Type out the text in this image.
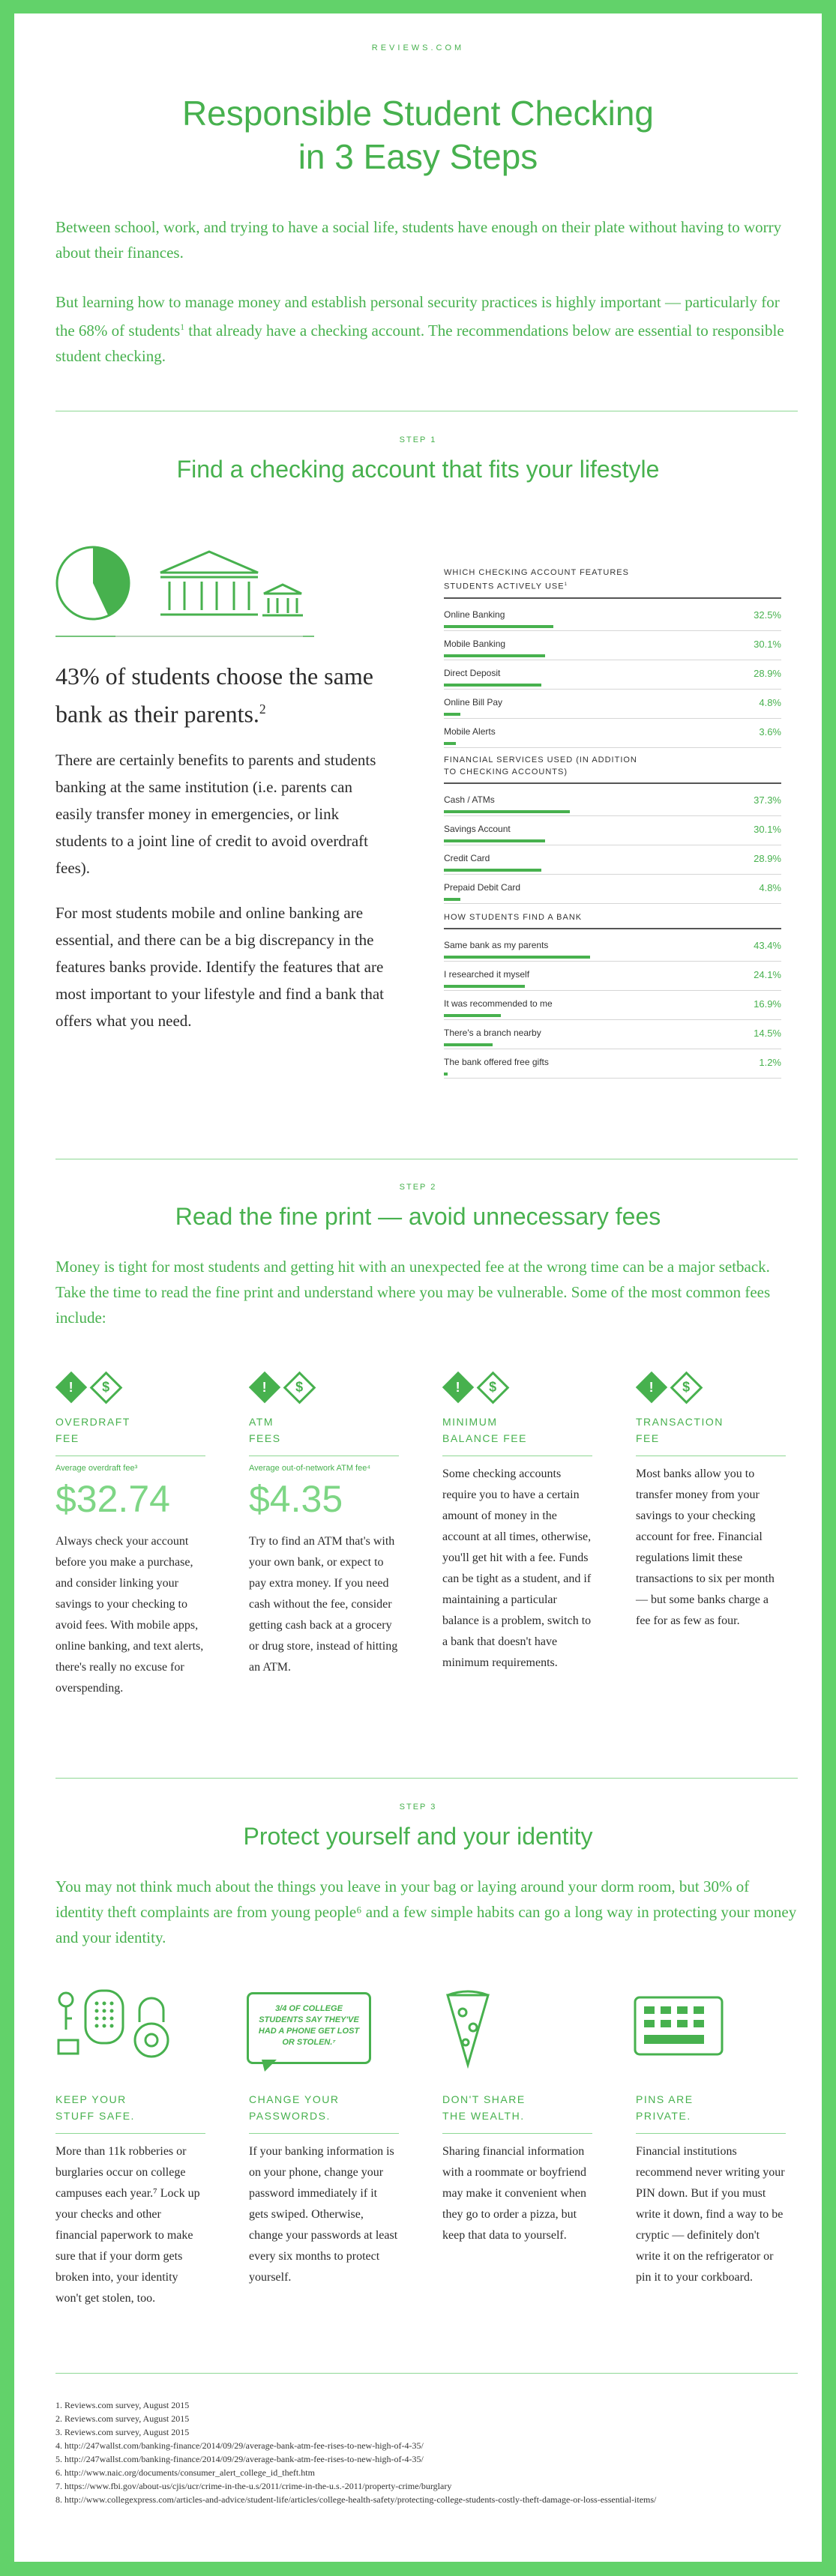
REVIEWS.COM
Responsible Student Checking
in 3 Easy Steps
Between school, work, and trying to have a social life, students have enough on their plate without having to worry about their finances.
But learning how to manage money and establish personal security practices is highly important — particularly for the 68% of students$^1$ that already have a checking account. The recommendations below are essential to responsible student checking.
STEP 1
Find a checking account that fits your lifestyle
43% of students choose the same bank as their parents.$^2$
There are certainly benefits to parents and students banking at the same institution (i.e. parents can easily transfer money in emergencies, or link students to a joint line of credit to avoid overdraft fees).
For most students mobile and online banking are essential, and there can be a big discrepancy in the features banks provide. Identify the features that are most important to your lifestyle and find a bank that offers what you need.
WHICH CHECKING ACCOUNT FEATURES STUDENTS ACTIVELY USE$^1$
Online Banking	32.5%
Mobile Banking	30.1%
Direct Deposit	28.9%
Online Bill Pay	4.8%
Mobile Alerts	3.6%
FINANCIAL SERVICES USED (IN ADDITION TO CHECKING ACCOUNTS)
Cash / ATMs	37.3%
Savings Account	30.1%
Credit Card	28.9%
Prepaid Debit Card	4.8%
HOW STUDENTS FIND A BANK
Same bank as my parents	43.4%
I researched it myself	24.1%
It was recommended to me	16.9%
There's a branch nearby	14.5%
The bank offered free gifts	1.2%
STEP 2
Read the fine print — avoid unnecessary fees
Money is tight for most students and getting hit with an unexpected fee at the wrong time can be a major setback. Take the time to read the fine print and understand where you may be vulnerable. Some of the most common fees include:
! $
OVERDRAFT
FEE
Average overdraft fee³
$32.74
Always check your account before you make a purchase, and consider linking your savings to your checking to avoid fees. With mobile apps, online banking, and text alerts, there's really no excuse for overspending.
! $
ATM
FEES
Average out-of-network ATM fee⁴
$4.35
Try to find an ATM that's with your own bank, or expect to pay extra money. If you need cash without the fee, consider getting cash back at a grocery or drug store, instead of hitting an ATM.
! $
MINIMUM
BALANCE FEE
Some checking accounts require you to have a certain amount of money in the account at all times, otherwise, you'll get hit with a fee. Funds can be tight as a student, and if maintaining a particular balance is a problem, switch to a bank that doesn't have minimum requirements.
! $
TRANSACTION
FEE
Most banks allow you to transfer money from your savings to your checking account for free. Financial regulations limit these transactions to six per month — but some banks charge a fee for as few as four.
STEP 3
Protect yourself and your identity
You may not think much about the things you leave in your bag or laying around your dorm room, but 30% of identity theft complaints are from young people⁶ and a few simple habits can go a long way in protecting your money and your identity.
3/4 OF COLLEGE
STUDENTS SAY THEY'VE
HAD A PHONE GET LOST
OR STOLEN.⁷
KEEP YOUR
STUFF SAFE.
More than 11k robberies or burglaries occur on college campuses each year.⁷ Lock up your checks and other financial paperwork to make sure that if your dorm gets broken into, your identity won't get stolen, too.
CHANGE YOUR
PASSWORDS.
If your banking information is on your phone, change your password immediately if it gets swiped. Otherwise, change your passwords at least every six months to protect yourself.
DON'T SHARE
THE WEALTH.
Sharing financial information with a roommate or boyfriend may make it convenient when they go to order a pizza, but keep that data to yourself.
PINS ARE
PRIVATE.
Financial institutions recommend never writing your PIN down. But if you must write it down, find a way to be cryptic — definitely don't write it on the refrigerator or pin it to your corkboard.
1. Reviews.com survey, August 2015
2. Reviews.com survey, August 2015
3. Reviews.com survey, August 2015
4. http://247wallst.com/banking-finance/2014/09/29/average-bank-atm-fee-rises-to-new-high-of-4-35/
5. http://247wallst.com/banking-finance/2014/09/29/average-bank-atm-fee-rises-to-new-high-of-4-35/
6. http://www.naic.org/documents/consumer_alert_college_id_theft.htm
7. https://www.fbi.gov/about-us/cjis/ucr/crime-in-the-u.s/2011/crime-in-the-u.s.-2011/property-crime/burglary
8. http://www.collegexpress.com/articles-and-advice/student-life/articles/college-health-safety/protecting-college-students-costly-theft-damage-or-loss-essential-items/
